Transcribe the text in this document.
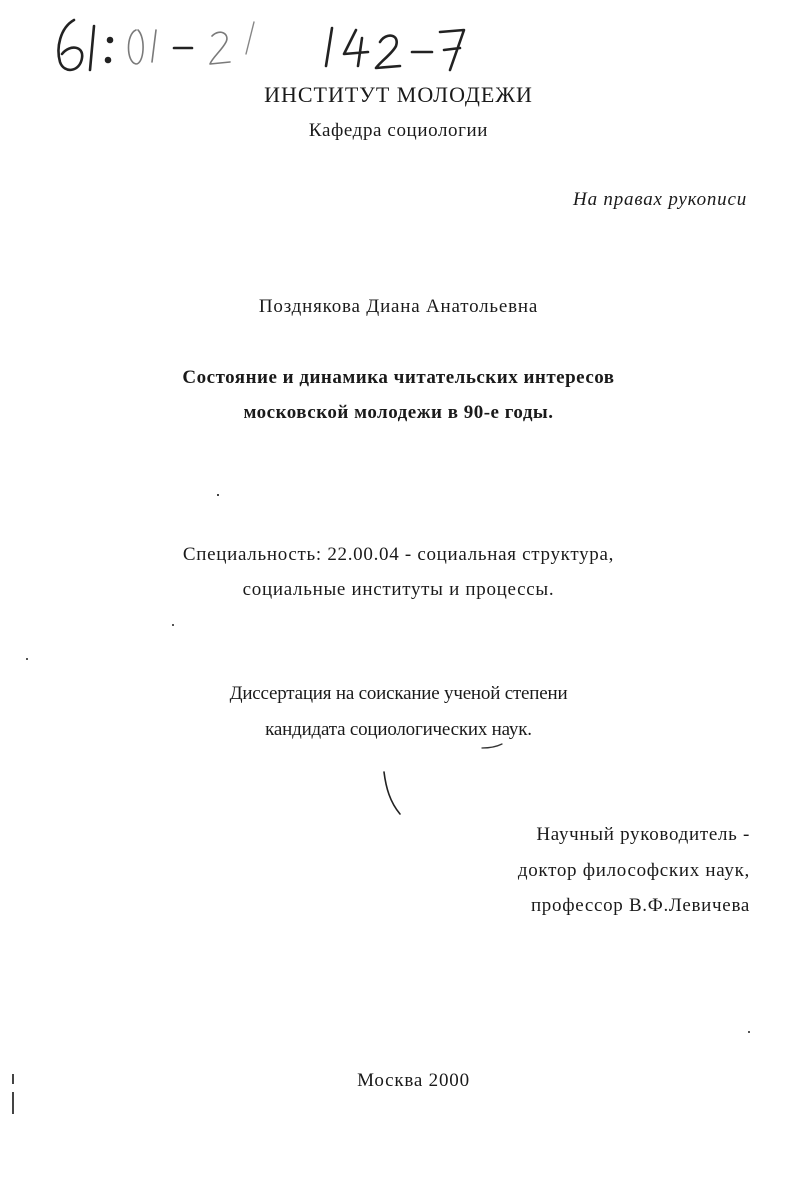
ИНСТИТУТ МОЛОДЕЖИ
Кафедра социологии
На правах рукописи
Позднякова Диана Анатольевна
Состояние и динамика читательских интересов
московской молодежи в 90-е годы.
Специальность: 22.00.04 - социальная структура,
социальные институты и процессы.
Диссертация на соискание ученой степени
кандидата социологических наук.
Научный руководитель -
доктор философских наук,
профессор В.Ф.Левичева
Москва 2000
